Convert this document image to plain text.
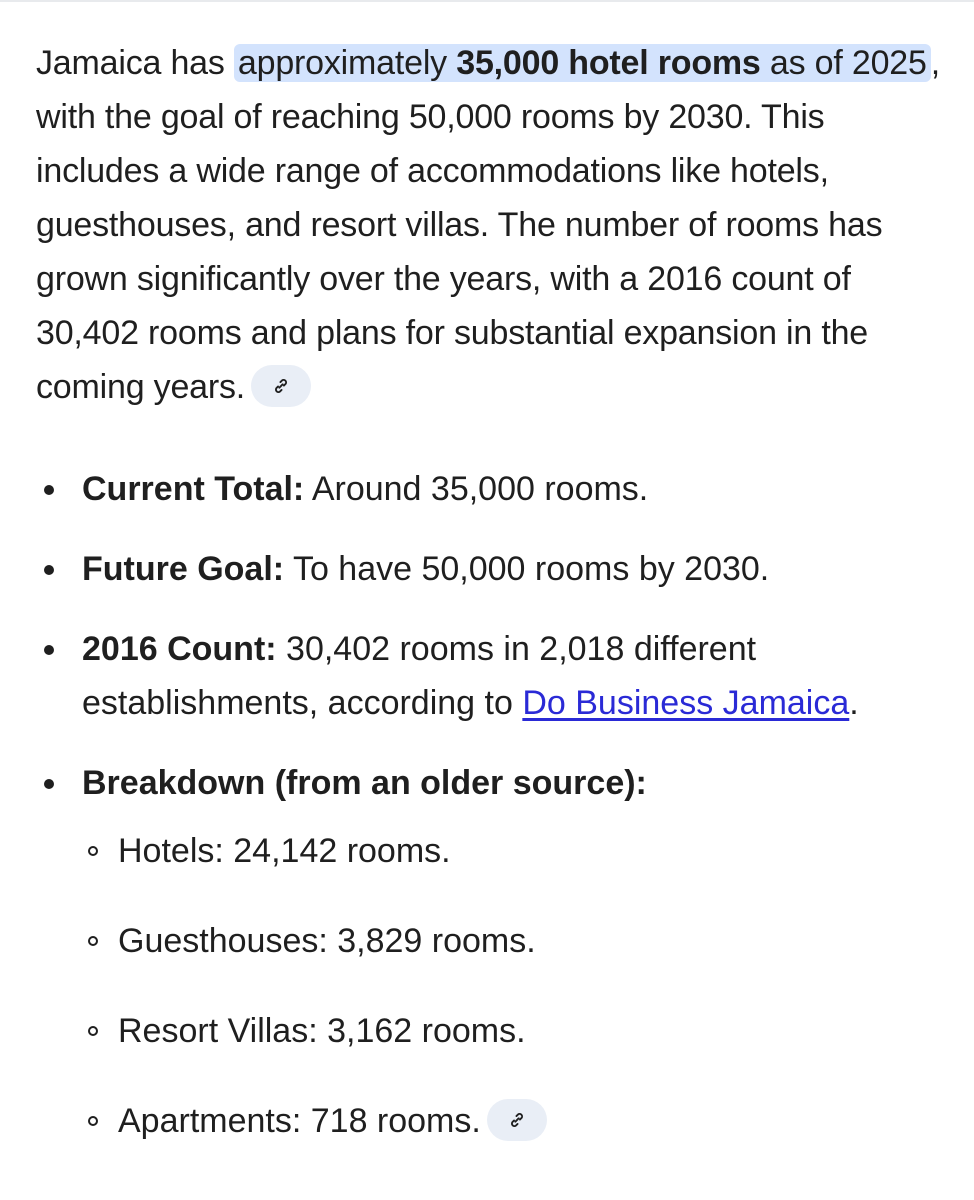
Jamaica has approximately 35,000 hotel rooms as of 2025 , with the goal of reaching 50,000 rooms by 2030. This includes a wide range of accommodations like hotels, guesthouses, and resort villas. The number of rooms has grown significantly over the years, with a 2016 count of 30,402 rooms and plans for substantial expansion in the coming years.

Current Total: Around 35,000 rooms.
Future Goal: To have 50,000 rooms by 2030.
2016 Count: 30,402 rooms in 2,018 different establishments, according to Do Business Jamaica.
Breakdown (from an older source):
Hotels: 24,142 rooms.
Guesthouses: 3,829 rooms.
Resort Villas: 3,162 rooms.
Apartments: 718 rooms.
